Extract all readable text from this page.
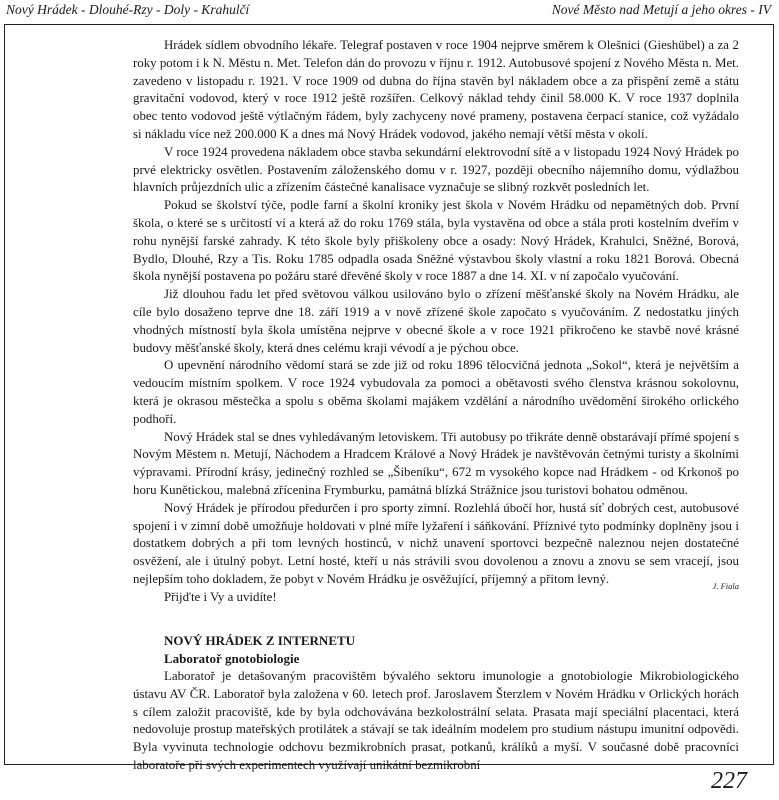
Nový Hrádek - Dlouhé-Rzy - Doly - Krahulčí	Nové Město nad Metují a jeho okres - IV

Hrádek sídlem obvodního lékaře. Telegraf postaven v roce 1904 nejprve směrem k Olešnici (Gieshübel) a za 2 roky potom i k N. Městu n. Met. Telefon dán do provozu v říjnu r. 1912. Autobusové spojení z Nového Města n. Met. zavedeno v listopadu r. 1921. V roce 1909 od dubna do října stavěn byl nákladem obce a za přispění země a státu gravitační vodovod, který v roce 1912 ještě rozšířen. Celkový náklad tehdy činil 58.000 K. V roce 1937 doplnila obec tento vodovod ještě výtlačným řádem, byly zachyceny nové prameny, postavena čerpací stanice, což vyžádalo si nákladu více než 200.000 K a dnes má Nový Hrádek vodovod, jakého nemají větší města v okolí.

V roce 1924 provedena nákladem obce stavba sekundární elektrovodní sítě a v listopadu 1924 Nový Hrádek po prvé elektricky osvětlen. Postavením záloženského domu v r. 1927, později obecního nájemního domu, výdlažbou hlavních průjezdních ulic a zřízením částečné kanalisace vyznačuje se slibný rozkvět posledních let.

Pokud se školství týče, podle farní a školní kroniky jest škola v Novém Hrádku od nepamětných dob. První škola, o které se s určitostí ví a která až do roku 1769 stála, byla vystavěna od obce a stála proti kostelním dveřím v rohu nynější farské zahrady. K této škole byly přiškoleny obce a osady: Nový Hrádek, Krahulci, Sněžné, Borová, Bydlo, Dlouhé, Rzy a Tis. Roku 1785 odpadla osada Sněžné výstavbou školy vlastní a roku 1821 Borová. Obecná škola nynější postavena po požáru staré dřevěné školy v roce 1887 a dne 14. XI. v ní započalo vyučování.

Již dlouhou řadu let před světovou válkou usilováno bylo o zřízení měšťanské školy na Novém Hrádku, ale cíle bylo dosaženo teprve dne 18. září 1919 a v nově zřízené škole započato s vyučováním. Z nedostatku jiných vhodných místností byla škola umístěna nejprve v obecné škole a v roce 1921 přikročeno ke stavbě nové krásné budovy měšťanské školy, která dnes celému kraji vévodí a je pýchou obce.

O upevnění národního vědomí stará se zde již od roku 1896 tělocvičná jednota „Sokol“, která je největším a vedoucím místním spolkem. V roce 1924 vybudovala za pomoci a obětavosti svého členstva krásnou sokolovnu, která je okrasou městečka a spolu s oběma školami majákem vzdělání a národního uvědomění širokého orlického podhoří.

Nový Hrádek stal se dnes vyhledávaným letoviskem. Tři autobusy po třikráte denně obstarávají přímé spojení s Novým Městem n. Metují, Náchodem a Hradcem Králové a Nový Hrádek je navštěvován četnými turisty a školními výpravami. Přírodní krásy, jedinečný rozhled se „Šibeníku“, 672 m vysokého kopce nad Hrádkem - od Krkonoš po horu Kunětickou, malebná zřícenina Frymburku, památná blízká Strážnice jsou turistovi bohatou odměnou.

Nový Hrádek je přírodou předurčen i pro sporty zimní. Rozlehlá úbočí hor, hustá síť dobrých cest, autobusové spojení i v zimní době umožňuje holdovati v plné míře lyžaření i sáňkování. Příznivé tyto podmínky doplněny jsou i dostatkem dobrých a při tom levných hostinců, v nichž unavení sportovci bezpečně naleznou nejen dostatečné osvěžení, ale i útulný pobyt. Letní hosté, kteří u nás strávili svou dovolenou a znovu a znovu se sem vracejí, jsou nejlepším toho dokladem, že pobyt v Novém Hrádku je osvěžující, příjemný a přitom levný.

Přijďte i Vy a uvidíte!

J. Fiala
NOVÝ HRÁDEK Z INTERNETU
Laboratoř gnotobiologie

Laboratoř je detašovaným pracovištěm bývalého sektoru imunologie a gnotobiologie Mikrobiologického ústavu AV ČR. Laboratoř byla založena v 60. letech prof. Jaroslavem Šterzlem v Novém Hrádku v Orlických horách s cílem založit pracoviště, kde by byla odchovávána bezkolostrální selata. Prasata mají speciální placentaci, která nedovoluje prostup mateřských protilátek a stávají se tak ideálním modelem pro studium nástupu imunitní odpovědi. Byla vyvinuta technologie odchovu bezmikrobních prasat, potkanů, králíků a myší. V současné době pracovníci laboratoře při svých experimentech využívají unikátní bezmikrobní

227
